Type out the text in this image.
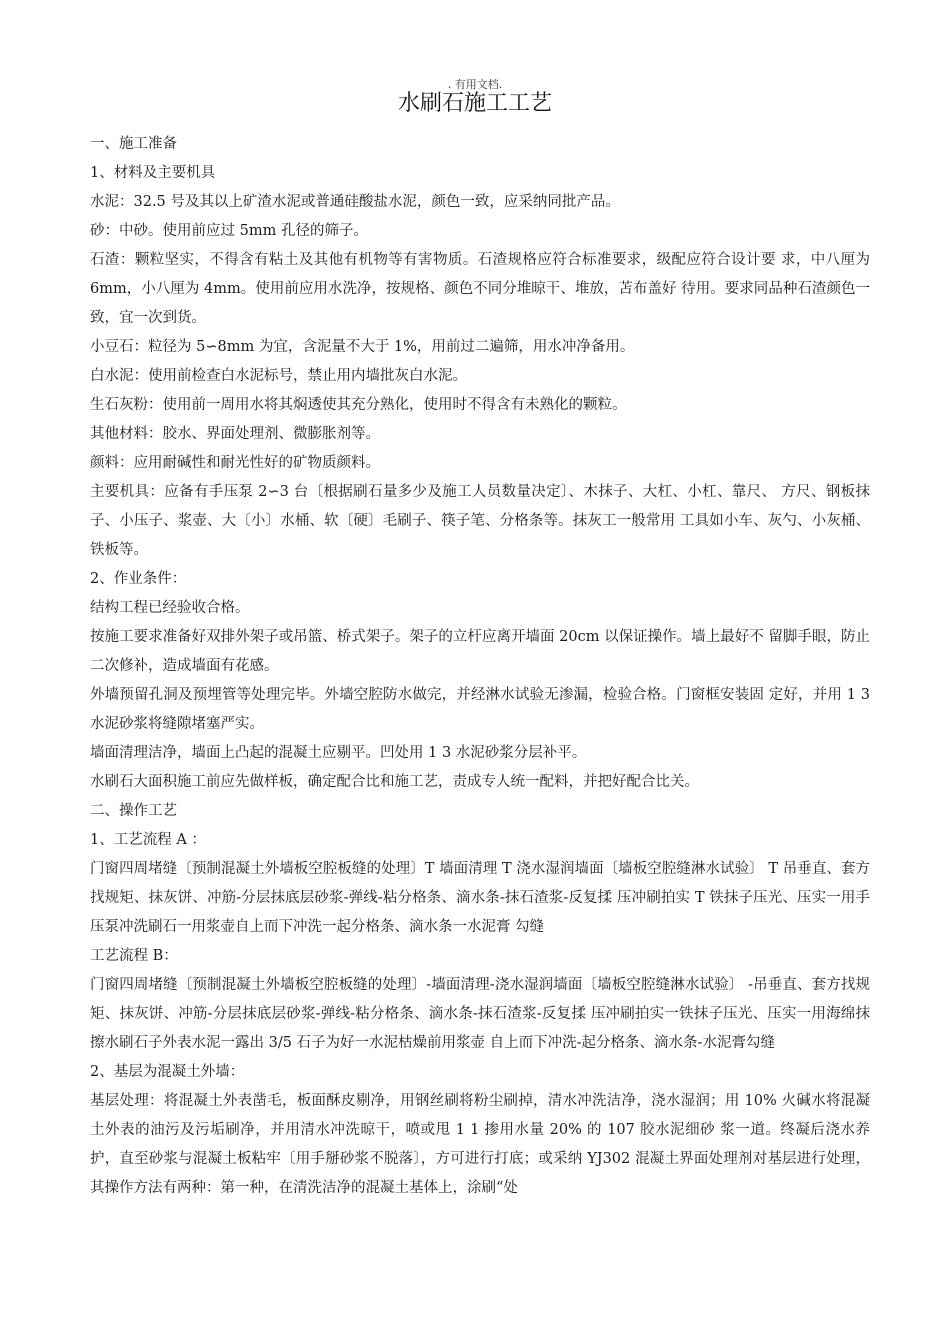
. 有用文档.
水刷石施工工艺

一、施工准备

1、材料及主要机具

水泥：32.5 号及其以上矿渣水泥或普通硅酸盐水泥，颜色一致，应采纳同批产品。

砂：中砂。使用前应过 5mm 孔径的筛子。

石渣：颗粒坚实，不得含有粘土及其他有机物等有害物质。石渣规格应符合标准要求，级配应符合设计要 求，中八厘为 6mm，小八厘为 4mm。使用前应用水洗净，按规格、颜色不同分堆晾干、堆放，苫布盖好 待用。要求同品种石渣颜色一致，宜一次到货。

小豆石：粒径为 5∽8mm 为宜，含泥量不大于 1%，用前过二遍筛，用水冲净备用。

白水泥：使用前检查白水泥标号，禁止用内墙批灰白水泥。

生石灰粉：使用前一周用水将其焖透使其充分熟化，使用时不得含有未熟化的颗粒。

其他材料：胶水、界面处理剂、微膨胀剂等。

颜料：应用耐碱性和耐光性好的矿物质颜料。

主要机具：应备有手压泵 2∽3 台〔根据刷石量多少及施工人员数量决定〕、木抹子、大杠、小杠、靠尺、 方尺、钢板抹子、小压子、浆壶、大〔小〕水桶、软〔硬〕毛刷子、筷子笔、分格条等。抹灰工一般常用 工具如小车、灰勺、小灰桶、铁板等。

2、作业条件：

结构工程已经验收合格。

按施工要求准备好双排外架子或吊篮、桥式架子。架子的立杆应离开墙面 20cm 以保证操作。墙上最好不 留脚手眼，防止二次修补，造成墙面有花感。

外墙预留孔洞及预埋管等处理完毕。外墙空腔防水做完，并经淋水试验无渗漏，检验合格。门窗框安装固 定好，并用 1 3 水泥砂浆将缝隙堵塞严实。

墙面清理洁净，墙面上凸起的混凝土应剔平。凹处用 1 3 水泥砂浆分层补平。

水刷石大面积施工前应先做样板，确定配合比和施工艺，责成专人统一配料，并把好配合比关。

二、操作工艺

1、工艺流程 A ：

门窗四周堵缝〔预制混凝土外墙板空腔板缝的处理〕T 墙面清理 T 浇水湿润墙面〔墙板空腔缝淋水试验〕 T 吊垂直、套方找规矩、抹灰饼、冲筋-分层抹底层砂浆-弹线-粘分格条、滴水条-抹石渣浆-反复揉 压冲刷拍实 T 铁抹子压光、压实一用手压泵冲洗刷石一用浆壶自上而下冲洗一起分格条、滴水条一水泥膏 勾缝

工艺流程 B：

门窗四周堵缝〔预制混凝土外墙板空腔板缝的处理〕-墙面清理-浇水湿润墙面〔墙板空腔缝淋水试验〕 -吊垂直、套方找规矩、抹灰饼、冲筋-分层抹底层砂浆-弹线-粘分格条、滴水条-抹石渣浆-反复揉 压冲刷拍实一铁抹子压光、压实一用海绵抹擦水刷石子外表水泥一露出 3/5 石子为好一水泥枯燥前用浆壶 自上而下冲洗-起分格条、滴水条-水泥膏勾缝

2、基层为混凝土外墙：

基层处理：将混凝土外表凿毛，板面酥皮剔净，用钢丝刷将粉尘刷掉，清水冲洗洁净，浇水湿润；用 10% 火碱水将混凝土外表的油污及污垢刷净，并用清水冲洗晾干，喷或甩 1 1 掺用水量 20% 的 107 胶水泥细砂 浆一道。终凝后浇水养护，直至砂浆与混凝土板粘牢〔用手掰砂浆不脱落〕，方可进行打底；或采纳 YJ302 混凝土界面处理剂对基层进行处理，其操作方法有两种：第一种，在清洗洁净的混凝土基体上，涂刷“处
